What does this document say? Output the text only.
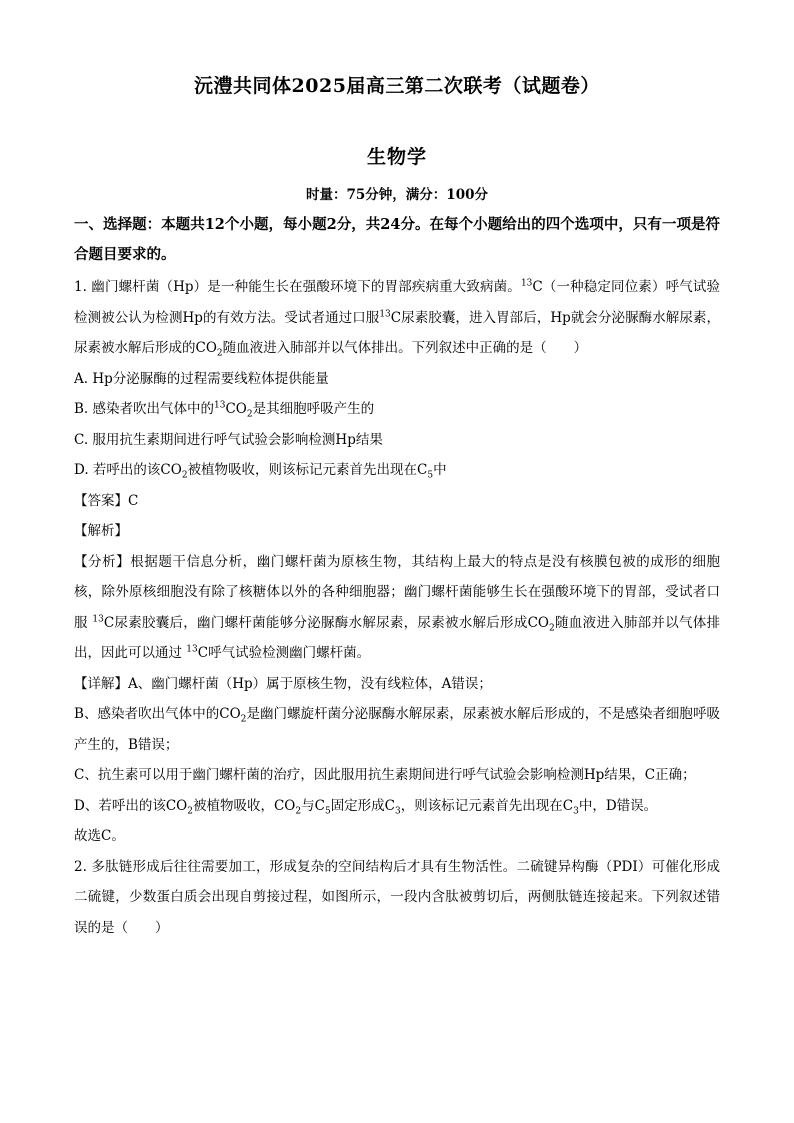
沅澧共同体2025届高三第二次联考（试题卷）
生物学
时量：75分钟，满分：100分

一、选择题：本题共12个小题，每小题2分，共24分。在每个小题给出的四个选项中，只有一项是符合题目要求的。

1. 幽门螺杆菌（Hp）是一种能生长在强酸环境下的胃部疾病重大致病菌。$^{13}$C（一种稳定同位素）呼气试验检测被公认为检测Hp的有效方法。受试者通过口服$^{13}$C尿素胶囊，进入胃部后，Hp就会分泌脲酶水解尿素，尿素被水解后形成的$CO_2$随血液进入肺部并以气体排出。下列叙述中正确的是（　　）

A. Hp分泌脲酶的过程需要线粒体提供能量

B. 感染者吹出气体中的$^{13}CO_2$是其细胞呼吸产生的

C. 服用抗生素期间进行呼气试验会影响检测Hp结果

D. 若呼出的该$CO_2$被植物吸收，则该标记元素首先出现在$C_5$中

【答案】C

【解析】

【分析】根据题干信息分析，幽门螺杆菌为原核生物，其结构上最大的特点是没有核膜包被的成形的细胞核，除外原核细胞没有除了核糖体以外的各种细胞器；幽门螺杆菌能够生长在强酸环境下的胃部，受试者口服 $^{13}$C尿素胶囊后，幽门螺杆菌能够分泌脲酶水解尿素，尿素被水解后形成$CO_2$随血液进入肺部并以气体排出，因此可以通过 $^{13}$C呼气试验检测幽门螺杆菌。

【详解】A、幽门螺杆菌（Hp）属于原核生物，没有线粒体，A错误；

B、感染者吹出气体中的$CO_2$是幽门螺旋杆菌分泌脲酶水解尿素，尿素被水解后形成的，不是感染者细胞呼吸产生的，B错误；

C、抗生素可以用于幽门螺杆菌的治疗，因此服用抗生素期间进行呼气试验会影响检测Hp结果，C正确；

D、若呼出的该$CO_2$被植物吸收，$CO_2$与$C_5$固定形成$C_3$，则该标记元素首先出现在$C_3$中，D错误。

故选C。

2. 多肽链形成后往往需要加工，形成复杂的空间结构后才具有生物活性。二硫键异构酶（PDI）可催化形成二硫键，少数蛋白质会出现自剪接过程，如图所示，一段内含肽被剪切后，两侧肽链连接起来。下列叙述错误的是（　　）
